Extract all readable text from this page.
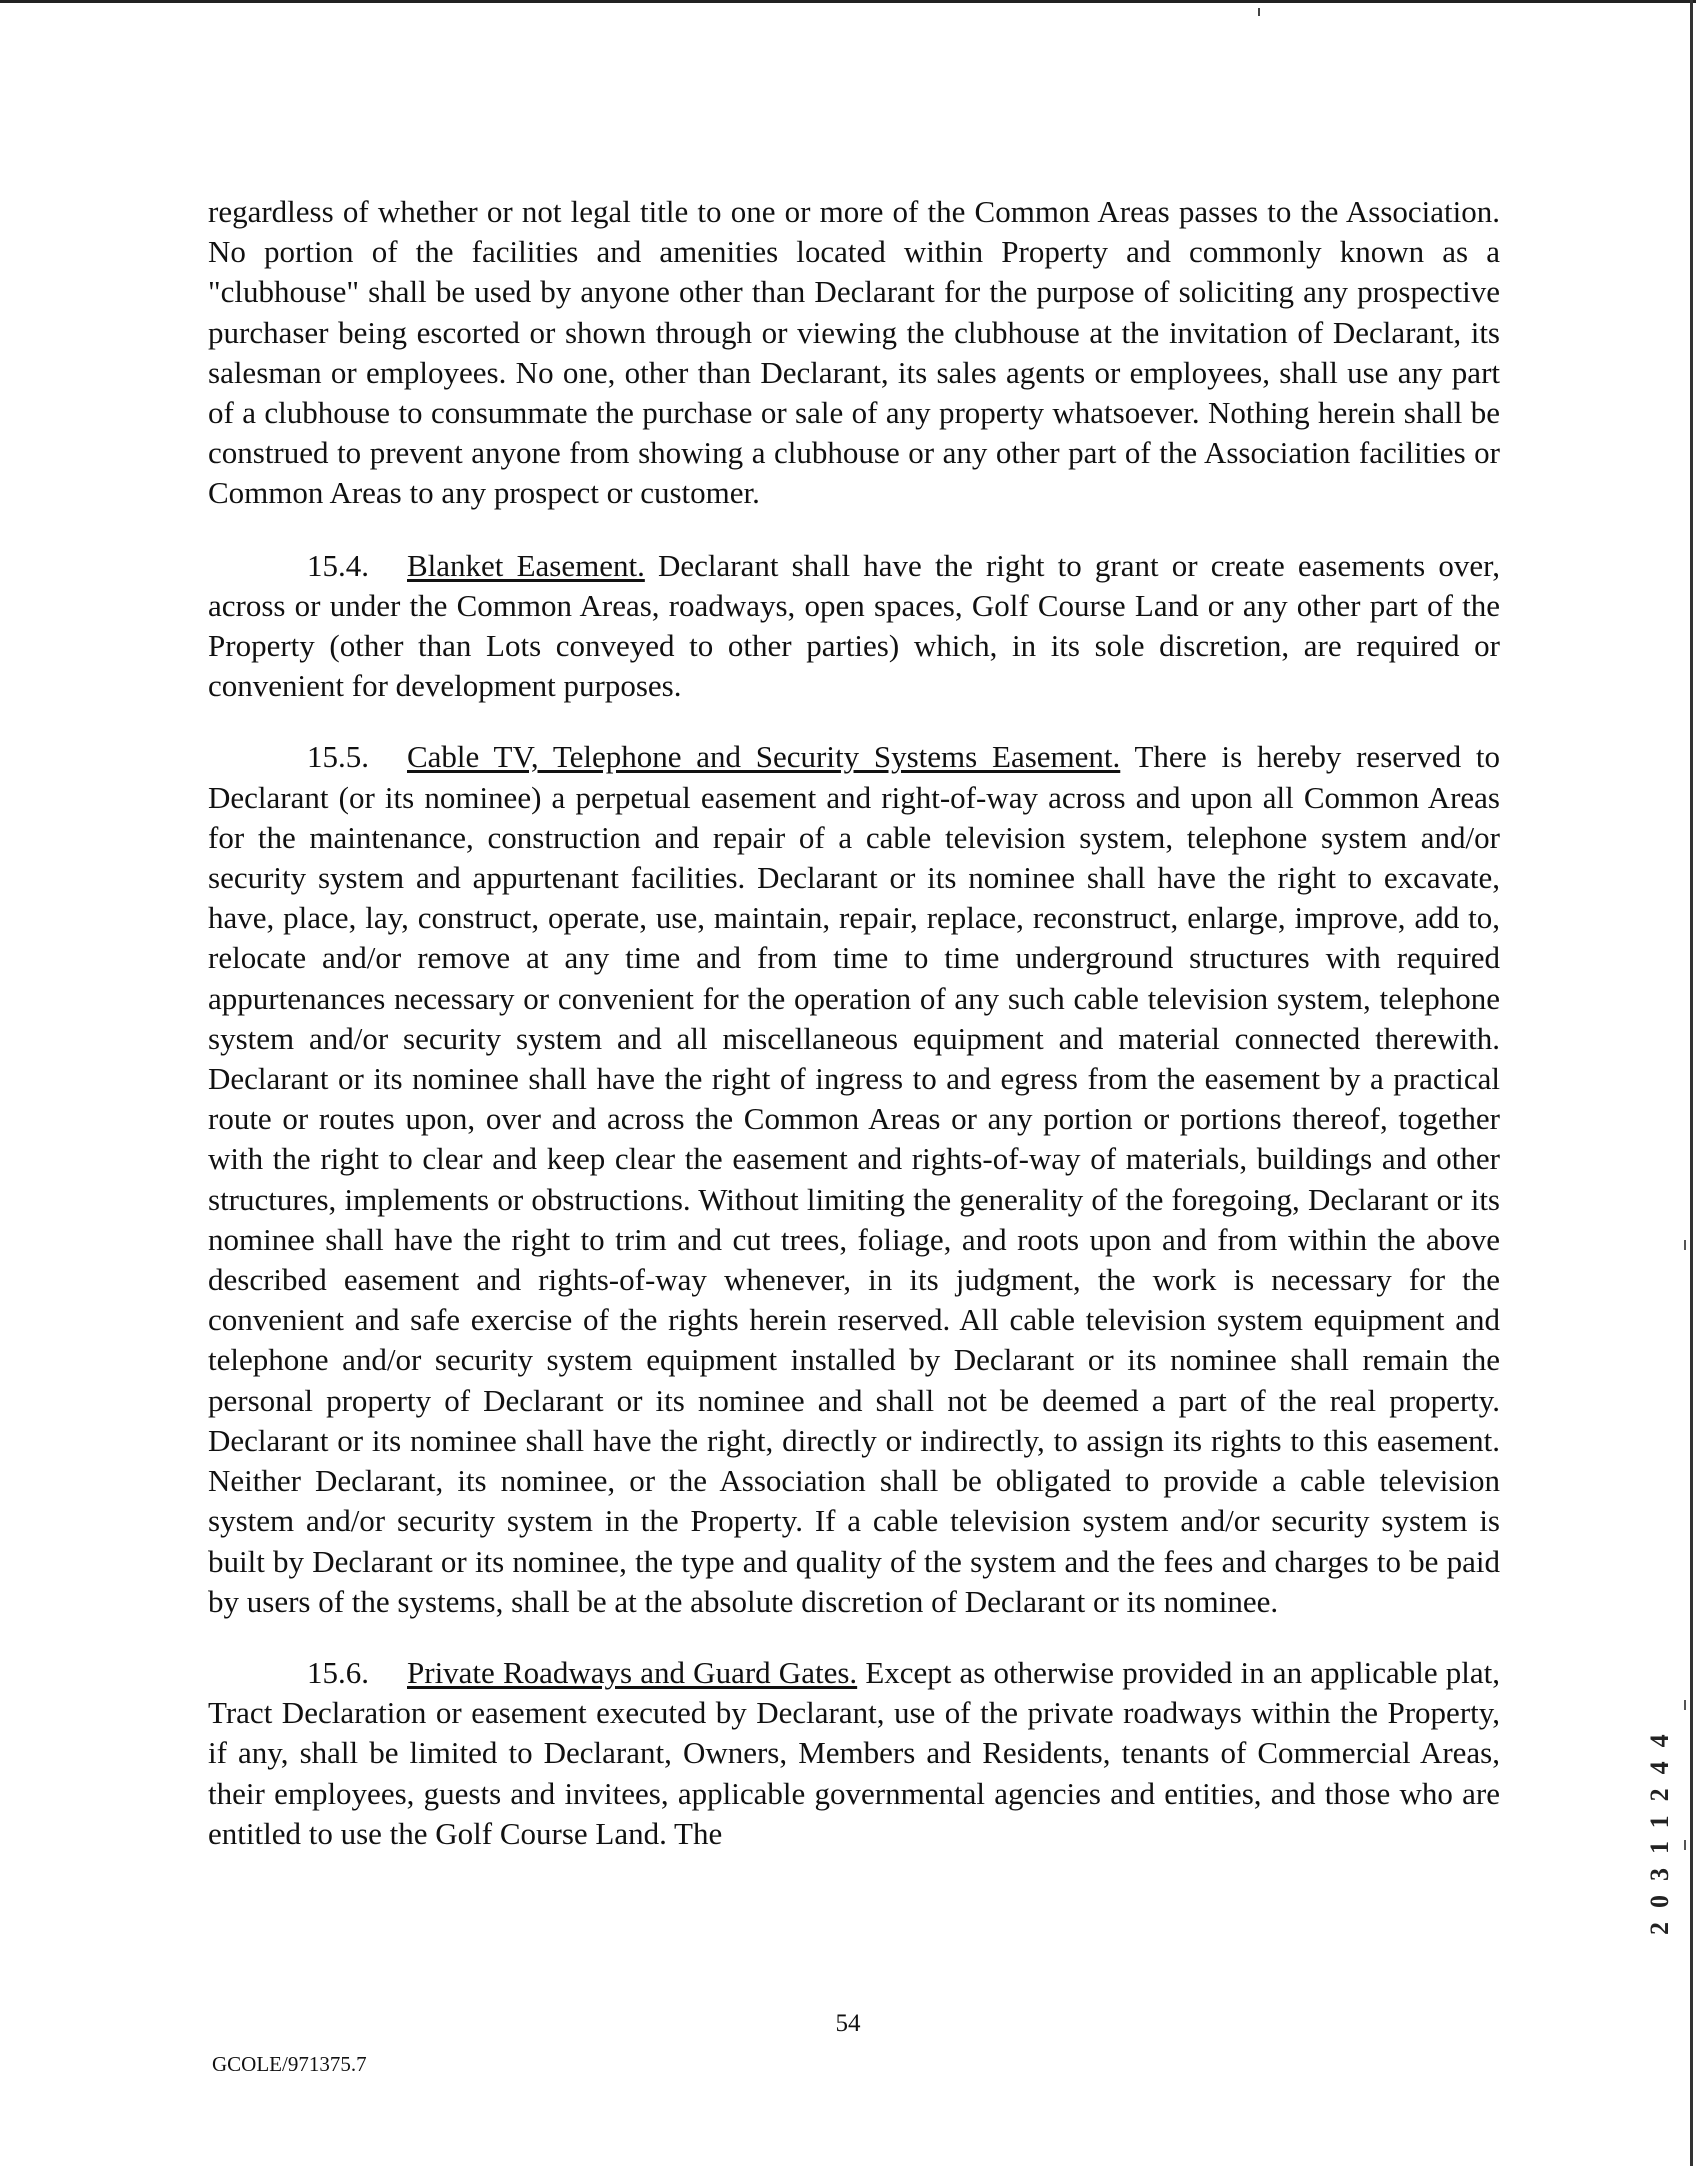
regardless of whether or not legal title to one or more of the Common Areas passes to the Association. No portion of the facilities and amenities located within Property and commonly known as a "clubhouse" shall be used by anyone other than Declarant for the purpose of soliciting any prospective purchaser being escorted or shown through or viewing the clubhouse at the invitation of Declarant, its salesman or employees. No one, other than Declarant, its sales agents or employees, shall use any part of a clubhouse to consummate the purchase or sale of any property whatsoever. Nothing herein shall be construed to prevent anyone from showing a clubhouse or any other part of the Association facilities or Common Areas to any prospect or customer.

15.4. Blanket Easement. Declarant shall have the right to grant or create easements over, across or under the Common Areas, roadways, open spaces, Golf Course Land or any other part of the Property (other than Lots conveyed to other parties) which, in its sole discretion, are required or convenient for development purposes.

15.5. Cable TV, Telephone and Security Systems Easement. There is hereby reserved to Declarant (or its nominee) a perpetual easement and right-of-way across and upon all Common Areas for the maintenance, construction and repair of a cable television system, telephone system and/or security system and appurtenant facilities. Declarant or its nominee shall have the right to excavate, have, place, lay, construct, operate, use, maintain, repair, replace, reconstruct, enlarge, improve, add to, relocate and/or remove at any time and from time to time underground structures with required appurtenances necessary or convenient for the operation of any such cable television system, telephone system and/or security system and all miscellaneous equipment and material connected therewith. Declarant or its nominee shall have the right of ingress to and egress from the easement by a practical route or routes upon, over and across the Common Areas or any portion or portions thereof, together with the right to clear and keep clear the easement and rights-of-way of materials, buildings and other structures, implements or obstructions. Without limiting the generality of the foregoing, Declarant or its nominee shall have the right to trim and cut trees, foliage, and roots upon and from within the above described easement and rights-of-way whenever, in its judgment, the work is necessary for the convenient and safe exercise of the rights herein reserved. All cable television system equipment and telephone and/or security system equipment installed by Declarant or its nominee shall remain the personal property of Declarant or its nominee and shall not be deemed a part of the real property. Declarant or its nominee shall have the right, directly or indirectly, to assign its rights to this easement. Neither Declarant, its nominee, or the Association shall be obligated to provide a cable television system and/or security system in the Property. If a cable television system and/or security system is built by Declarant or its nominee, the type and quality of the system and the fees and charges to be paid by users of the systems, shall be at the absolute discretion of Declarant or its nominee.

15.6. Private Roadways and Guard Gates. Except as otherwise provided in an applicable plat, Tract Declaration or easement executed by Declarant, use of the private roadways within the Property, if any, shall be limited to Declarant, Owners, Members and Residents, tenants of Commercial Areas, their employees, guests and invitees, applicable governmental agencies and entities, and those who are entitled to use the Golf Course Land. The

54
GCOLE/971375.7
20311244
